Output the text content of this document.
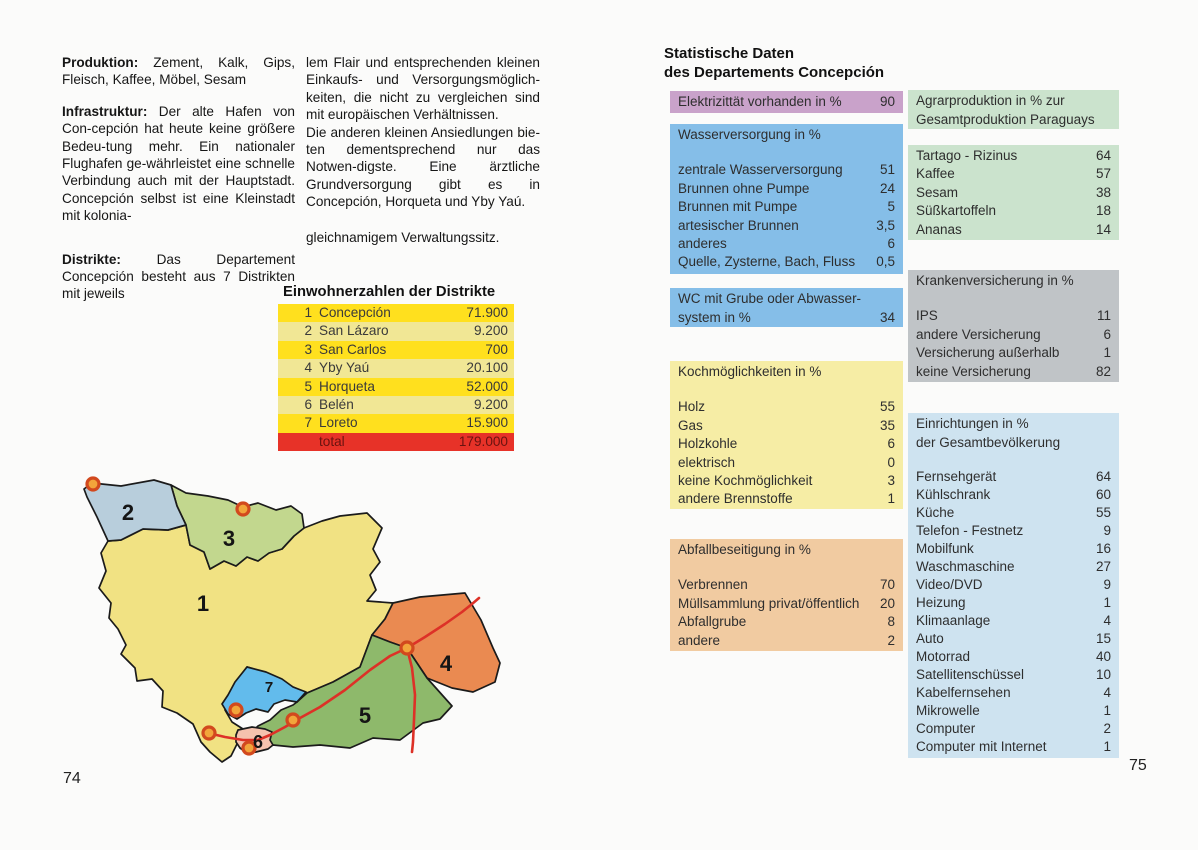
Produktion: Zement, Kalk, Gips, Fleisch, Kaffee, Möbel, Sesam

Infrastruktur: Der alte Hafen von Con-cepción hat heute keine größere Bedeu-tung mehr. Ein nationaler Flughafen ge-währleistet eine schnelle Verbindung auch mit der Hauptstadt. Concepción selbst ist eine Kleinstadt mit kolonia-

Distrikte: Das Departement Concepción besteht aus 7 Distrikten mit jeweils

lem Flair und entsprechenden kleinen Einkaufs- und Versorgungsmöglich-keiten, die nicht zu vergleichen sind mit europäischen Verhältnissen.

Die anderen kleinen Ansiedlungen bie-ten dementsprechend nur das Notwen-digste. Eine ärztliche Grundversorgung gibt es in Concepción, Horqueta und Yby Yaú.

gleichnamigem Verwaltungssitz.

Einwohnerzahlen der Distrikte
1 Concepción	71.900
2 San Lázaro	9.200
3 San Carlos	700
4 Yby Yaú	20.100
5 Horqueta	52.000
6 Belén	9.200
7 Loreto	15.900
total	179.000
1
2
3
4
5
6
7
74
Statistische Daten
des Departements Concepción
Elektrizittät vorhanden in %	90
Wasserversorgung in %
zentrale Wasserversorgung	51
Brunnen ohne Pumpe	24
Brunnen mit Pumpe	5
artesischer Brunnen	3,5
anderes	6
Quelle, Zysterne, Bach, Fluss	0,5
WC mit Grube oder Abwasser-
system in %	34
Kochmöglichkeiten in %
Holz	55
Gas	35
Holzkohle	6
elektrisch	0
keine Kochmöglichkeit	3
andere Brennstoffe	1
Abfallbeseitigung in %
Verbrennen	70
Müllsammlung privat/öffentlich	20
Abfallgrube	8
andere	2
Agrarproduktion in % zur
Gesamtproduktion Paraguays
Tartago - Rizinus	64
Kaffee	57
Sesam	38
Süßkartoffeln	18
Ananas	14
Krankenversicherung in %
IPS	11
andere Versicherung	6
Versicherung außerhalb	1
keine Versicherung	82
Einrichtungen in %
der Gesamtbevölkerung
Fernsehgerät	64
Kühlschrank	60
Küche	55
Telefon - Festnetz	9
Mobilfunk	16
Waschmaschine	27
Video/DVD	9
Heizung	1
Klimaanlage	4
Auto	15
Motorrad	40
Satellitenschüssel	10
Kabelfernsehen	4
Mikrowelle	1
Computer	2
Computer mit Internet	1
75
